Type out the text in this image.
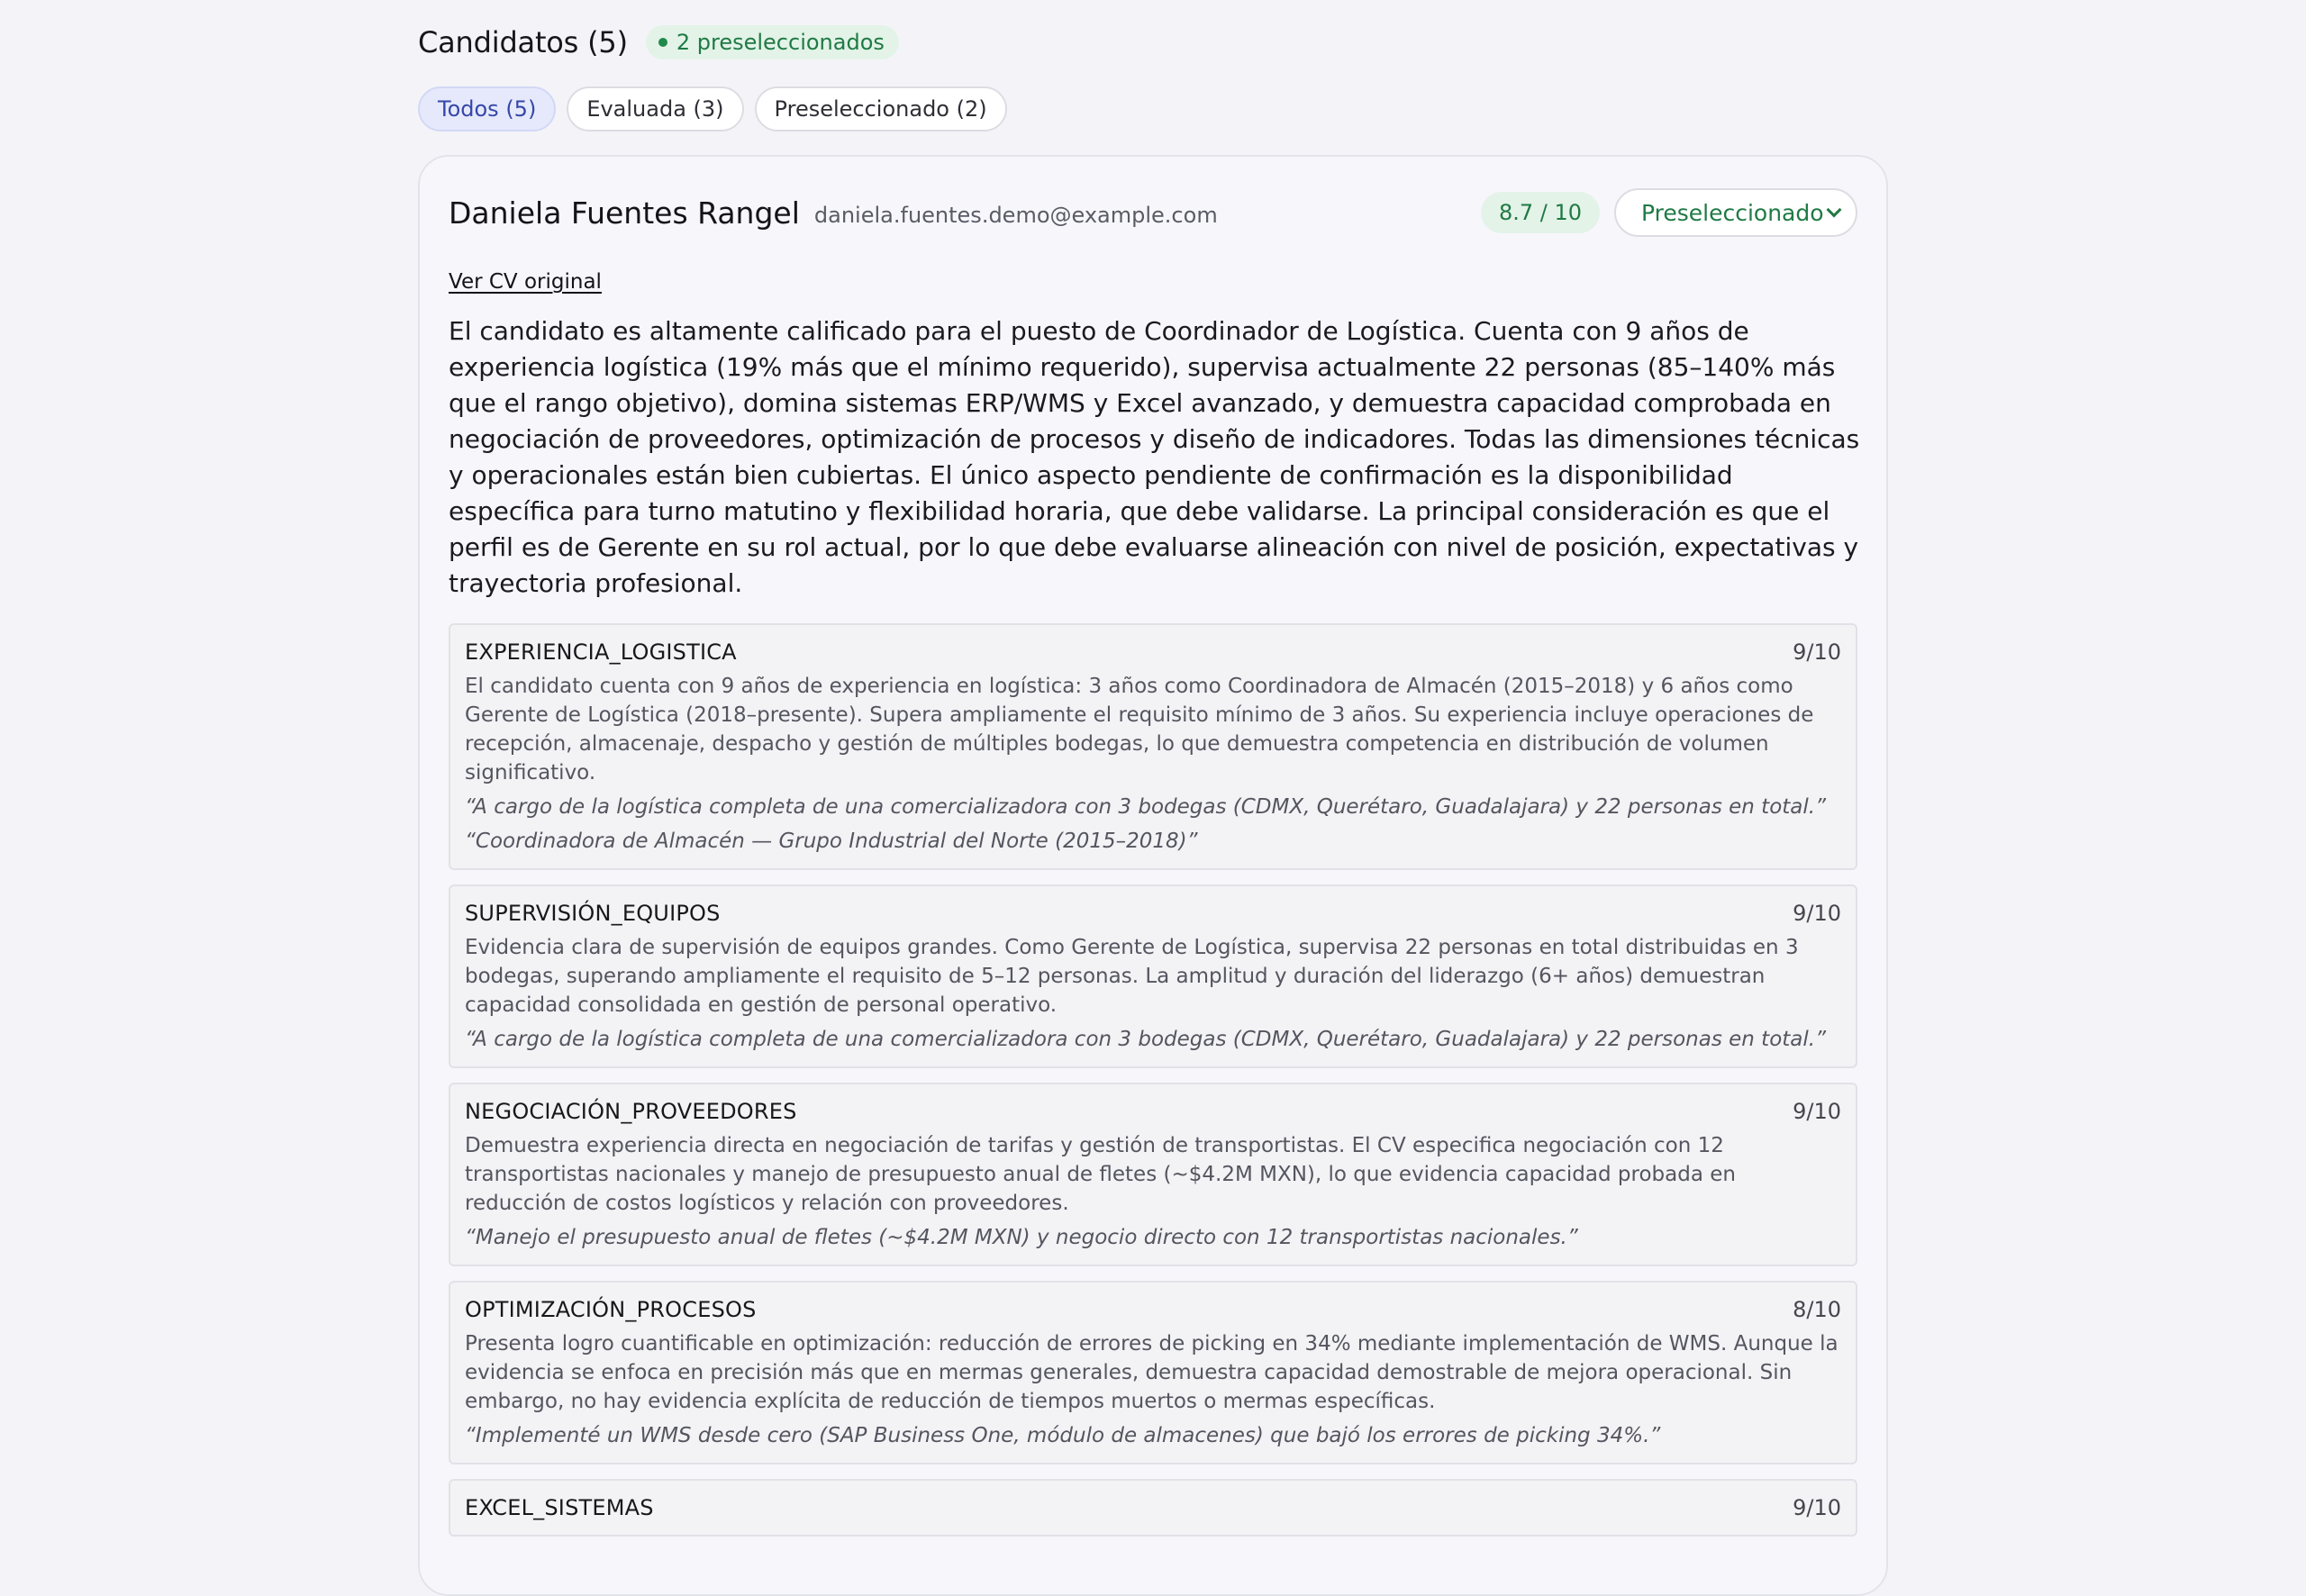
Candidatos (5) 2 preseleccionados
Todos (5)	Evaluada (3)	Preseleccionado (2)
Daniela Fuentes Rangel daniela.fuentes.demo@example.com	8.7 / 10	Preseleccionado
Ver CV original

El candidato es altamente calificado para el puesto de Coordinador de Logística. Cuenta con 9 años de experiencia logística (19% más que el mínimo requerido), supervisa actualmente 22 personas (85–140% más que el rango objetivo), domina sistemas ERP/WMS y Excel avanzado, y demuestra capacidad comprobada en negociación de proveedores, optimización de procesos y diseño de indicadores. Todas las dimensiones técnicas y operacionales están bien cubiertas. El único aspecto pendiente de confirmación es la disponibilidad específica para turno matutino y flexibilidad horaria, que debe validarse. La principal consideración es que el perfil es de Gerente en su rol actual, por lo que debe evaluarse alineación con nivel de posición, expectativas y trayectoria profesional.

EXPERIENCIA_LOGISTICA	9/10

El candidato cuenta con 9 años de experiencia en logística: 3 años como Coordinadora de Almacén (2015–2018) y 6 años como Gerente de Logística (2018–presente). Supera ampliamente el requisito mínimo de 3 años. Su experiencia incluye operaciones de recepción, almacenaje, despacho y gestión de múltiples bodegas, lo que demuestra competencia en distribución de volumen significativo.

“A cargo de la logística completa de una comercializadora con 3 bodegas (CDMX, Querétaro, Guadalajara) y 22 personas en total.”

“Coordinadora de Almacén — Grupo Industrial del Norte (2015–2018)”

SUPERVISIÓN_EQUIPOS	9/10

Evidencia clara de supervisión de equipos grandes. Como Gerente de Logística, supervisa 22 personas en total distribuidas en 3 bodegas, superando ampliamente el requisito de 5–12 personas. La amplitud y duración del liderazgo (6+ años) demuestran capacidad consolidada en gestión de personal operativo.

“A cargo de la logística completa de una comercializadora con 3 bodegas (CDMX, Querétaro, Guadalajara) y 22 personas en total.”

NEGOCIACIÓN_PROVEEDORES	9/10

Demuestra experiencia directa en negociación de tarifas y gestión de transportistas. El CV especifica negociación con 12 transportistas nacionales y manejo de presupuesto anual de fletes (~$4.2M MXN), lo que evidencia capacidad probada en reducción de costos logísticos y relación con proveedores.

“Manejo el presupuesto anual de fletes (~$4.2M MXN) y negocio directo con 12 transportistas nacionales.”

OPTIMIZACIÓN_PROCESOS	8/10

Presenta logro cuantificable en optimización: reducción de errores de picking en 34% mediante implementación de WMS. Aunque la evidencia se enfoca en precisión más que en mermas generales, demuestra capacidad demostrable de mejora operacional. Sin embargo, no hay evidencia explícita de reducción de tiempos muertos o mermas específicas.

“Implementé un WMS desde cero (SAP Business One, módulo de almacenes) que bajó los errores de picking 34%.”

EXCEL_SISTEMAS	9/10
